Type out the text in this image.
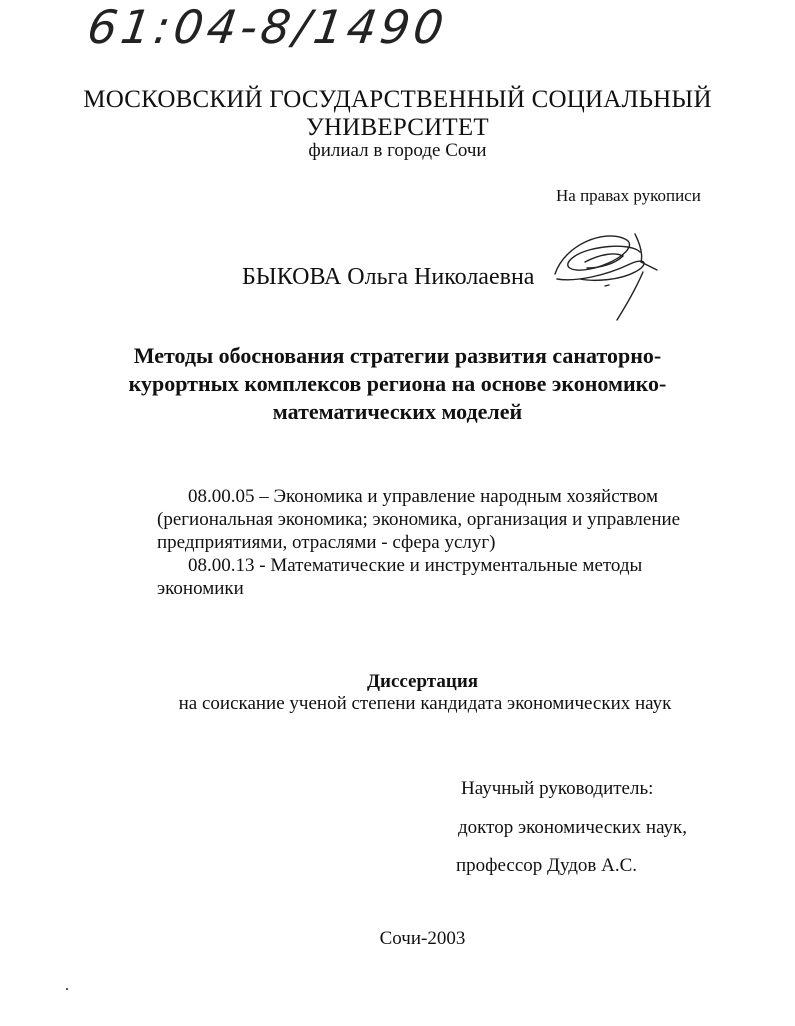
61:04-8/1490
МОСКОВСКИЙ ГОСУДАРСТВЕННЫЙ СОЦИАЛЬНЫЙ
УНИВЕРСИТЕТ
филиал в городе Сочи
На правах рукописи
БЫКОВА Ольга Николаевна
Методы обоснования стратегии развития санаторно-
курортных комплексов региона на основе экономико-
математических моделей
08.00.05 – Экономика и управление народным хозяйством (региональная экономика; экономика, организация и управление предприятиями, отраслями - сфера услуг)
08.00.13 - Математические и инструментальные методы экономики
Диссертация
на соискание ученой степени кандидата экономических наук
Научный руководитель:
доктор экономических наук,
профессор Дудов А.С.
Сочи-2003
